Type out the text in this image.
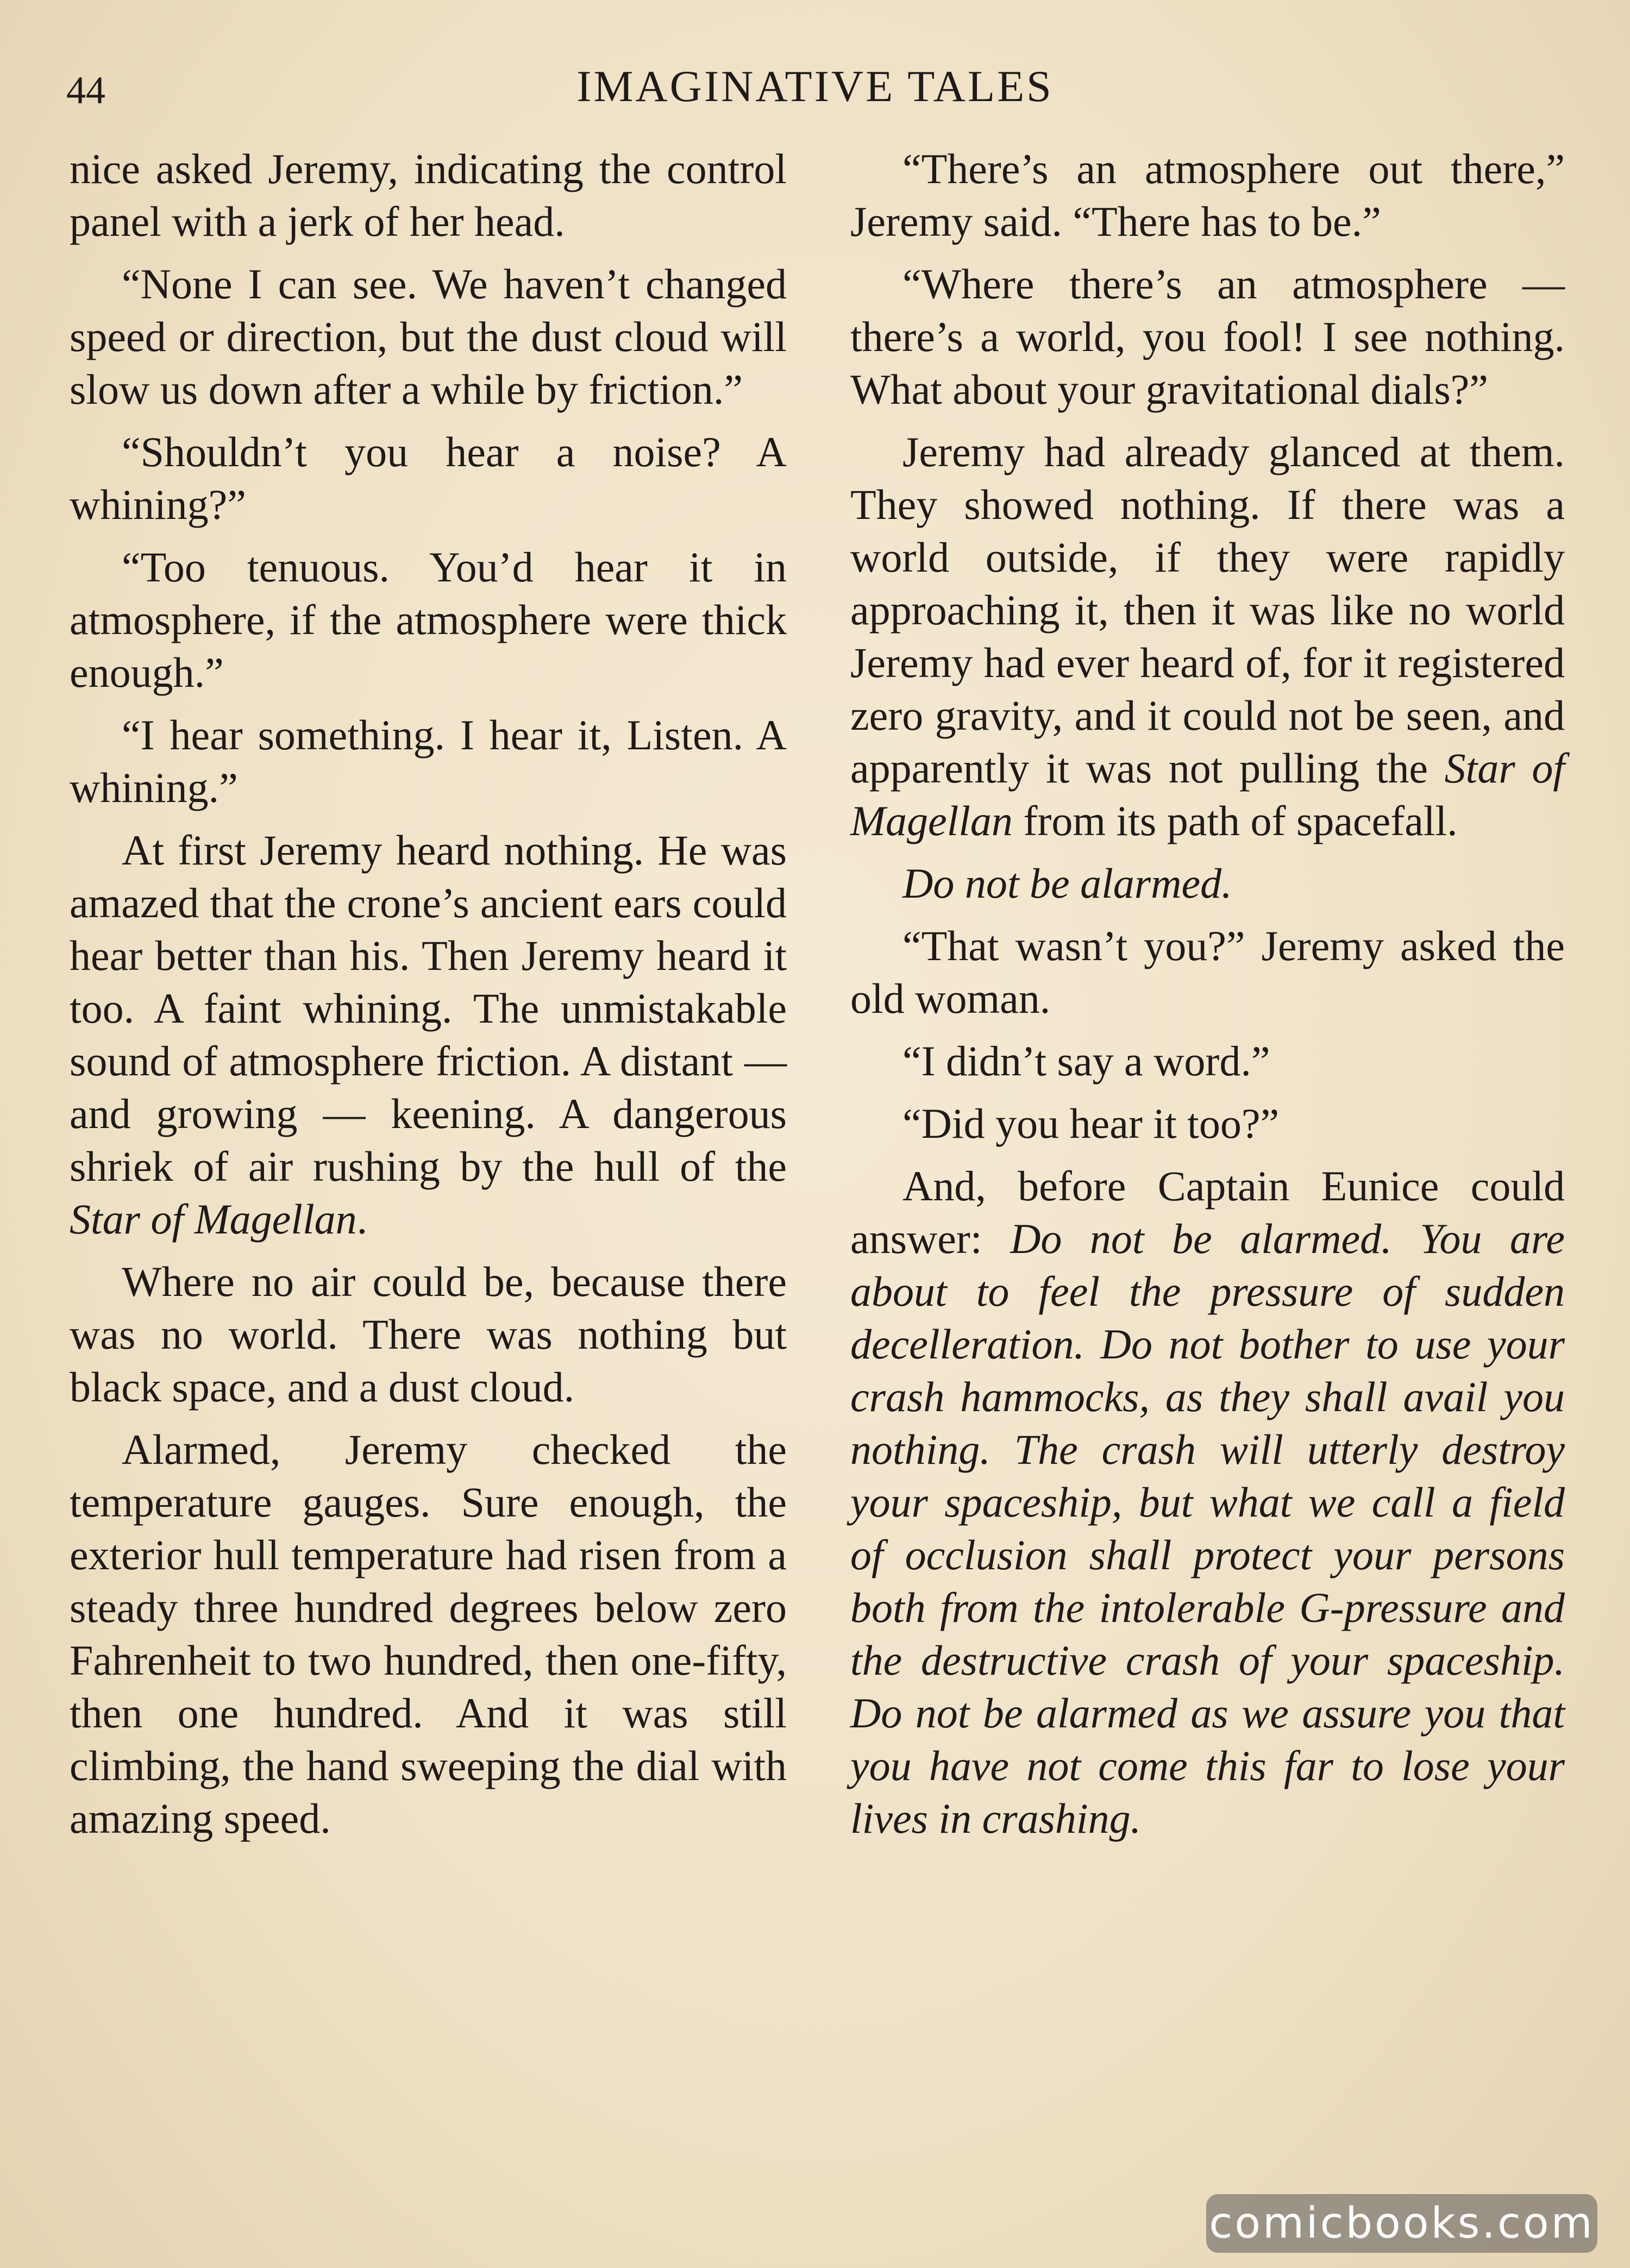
44	IMAGINATIVE TALES

nice asked Jeremy, indicating the control panel with a jerk of her head.

“None I can see. We haven’t changed speed or direction, but the dust cloud will slow us down after a while by friction.”

“Shouldn’t you hear a noise? A whining?”

“Too tenuous. You’d hear it in atmosphere, if the atmosphere were thick enough.”

“I hear something. I hear it, Listen. A whining.”

At first Jeremy heard nothing. He was amazed that the crone’s ancient ears could hear better than his. Then Jeremy heard it too. A faint whining. The unmistakable sound of atmosphere friction. A distant — and growing — keening. A dangerous shriek of air rushing by the hull of the Star of Magellan.

Where no air could be, because there was no world. There was nothing but black space, and a dust cloud.

Alarmed, Jeremy checked the temperature gauges. Sure enough, the exterior hull temperature had risen from a steady three hundred degrees below zero Fahrenheit to two hundred, then one-fifty, then one hundred. And it was still climbing, the hand sweeping the dial with amazing speed.

“There’s an atmosphere out there,” Jeremy said. “There has to be.”

“Where there’s an atmosphere —there’s a world, you fool! I see nothing. What about your gravitational dials?”

Jeremy had already glanced at them. They showed nothing. If there was a world outside, if they were rapidly approaching it, then it was like no world Jeremy had ever heard of, for it registered zero gravity, and it could not be seen, and apparently it was not pulling the Star of Magellan from its path of spacefall.

Do not be alarmed.

“That wasn’t you?” Jeremy asked the old woman.

“I didn’t say a word.”

“Did you hear it too?”

And, before Captain Eunice could answer: Do not be alarmed. You are about to feel the pressure of sudden decelleration. Do not bother to use your crash hammocks, as they shall avail you nothing. The crash will utterly destroy your spaceship, but what we call a field of occlusion shall protect your persons both from the intolerable G-pressure and the destructive crash of your spaceship. Do not be alarmed as we assure you that you have not come this far to lose your lives in crashing.

comicbooks.com
